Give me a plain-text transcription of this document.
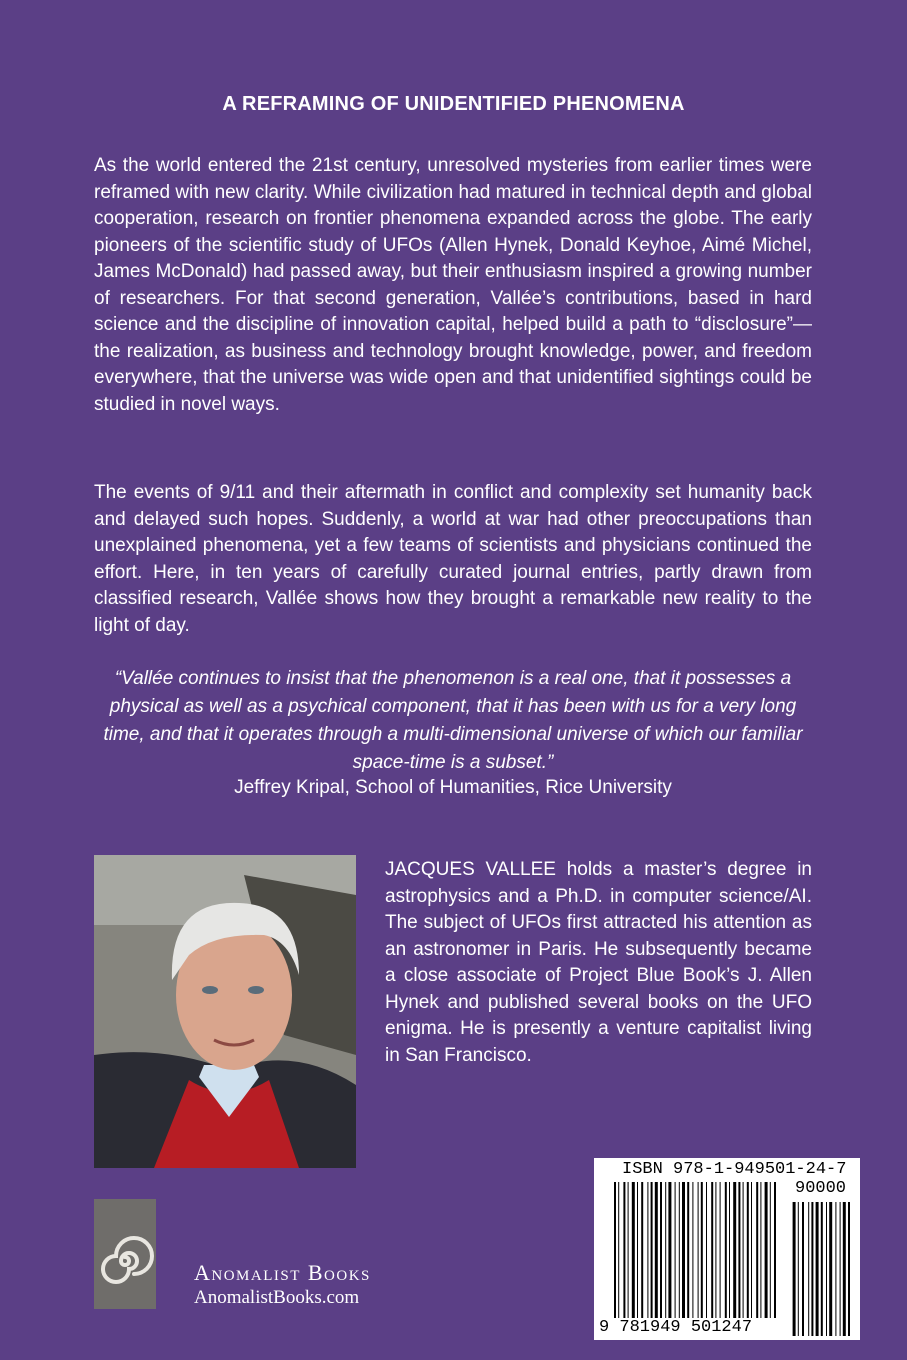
A REFRAMING OF UNIDENTIFIED PHENOMENA
As the world entered the 21st century, unresolved mysteries from earlier times were reframed with new clarity. While civilization had matured in technical depth and global cooperation, research on frontier phenomena expanded across the globe. The early pioneers of the scientific study of UFOs (Allen Hynek, Donald Keyhoe, Aimé Michel, James McDonald) had passed away, but their enthusiasm inspired a growing number of researchers. For that second generation, Vallée’s contributions, based in hard science and the discipline of innovation capital, helped build a path to “disclosure”—the realization, as business and technology brought knowledge, power, and freedom everywhere, that the universe was wide open and that unidentified sightings could be studied in novel ways.
The events of 9/11 and their aftermath in conflict and complexity set humanity back and delayed such hopes. Suddenly, a world at war had other preoccupations than unexplained phenomena, yet a few teams of scientists and physicians continued the effort. Here, in ten years of carefully curated journal entries, partly drawn from classified research, Vallée shows how they brought a remarkable new reality to the light of day.
“Vallée continues to insist that the phenomenon is a real one, that it possesses a physical as well as a psychical component, that it has been with us for a very long time, and that it operates through a multi-dimensional universe of which our familiar space-time is a subset.”
Jeffrey Kripal, School of Humanities, Rice University
JACQUES VALLEE holds a master’s degree in astrophysics and a Ph.D. in computer science/AI. The subject of UFOs first attracted his attention as an astronomer in Paris. He subsequently became a close associate of Project Blue Book’s J. Allen Hynek and published several books on the UFO enigma. He is presently a venture capitalist living in San Francisco.
Anomalist Books
AnomalistBooks.com
ISBN 978-1-949501-24-7
90000
9 781949 501247
